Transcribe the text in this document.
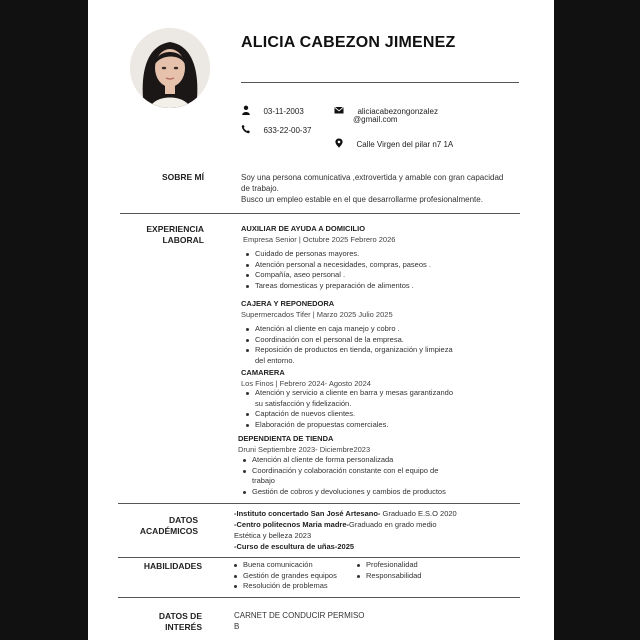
ALICIA CABEZON JIMENEZ
03-11-2003
633-22-00-37
aliciacabezongonzalez
@gmail.com
Calle Virgen del pilar n7 1A
SOBRE MÍ	Soy una persona comunicativa ,extrovertida y amable con gran capacidad
de trabajo.
Busco un empleo estable en el que desarrollarme profesionalmente.
EXPERIENCIA
LABORAL
AUXILIAR DE AYUDA A DOMICILIO
Empresa Senior | Octubre 2025 Febrero 2026
Cuidado de personas mayores.
Atención personal a necesidades, compras, paseos .
Compañía, aseo personal .
Tareas domesticas y preparación de alimentos .
CAJERA Y REPONEDORA
Supermercados Tifer | Marzo 2025 Julio 2025
Atención al cliente en caja manejo y cobro .
Coordinación con el personal de la empresa.
Reposición de productos en tienda, organización y limpieza
del entorno.
CAMARERA
Los Finos | Febrero 2024- Agosto 2024
Atención y servicio a cliente en barra y mesas garantizando
su satisfacción y fidelización.
Captación de nuevos clientes.
Elaboración de propuestas comerciales.
DEPENDIENTA DE TIENDA
Druni Septiembre 2023- Diciembre2023
Atención al cliente de forma personalizada
Coordinación y colaboración constante con el equipo de
trabajo
Gestión de cobros y devoluciones y cambios de productos
DATOS
ACADÉMICOS
-Instituto concertado San José Artesano- Graduado E.S.O 2020
-Centro politecnos Maria madre-Graduado en grado medio
Estética y belleza 2023
-Curso de escultura de uñas-2025
HABILIDADES	Buena comunicación
Gestión de grandes equipos
Resolución de problemas
Profesionalidad
Responsabilidad
DATOS DE
INTERÉS
CARNET DE CONDUCIR PERMISO
B
